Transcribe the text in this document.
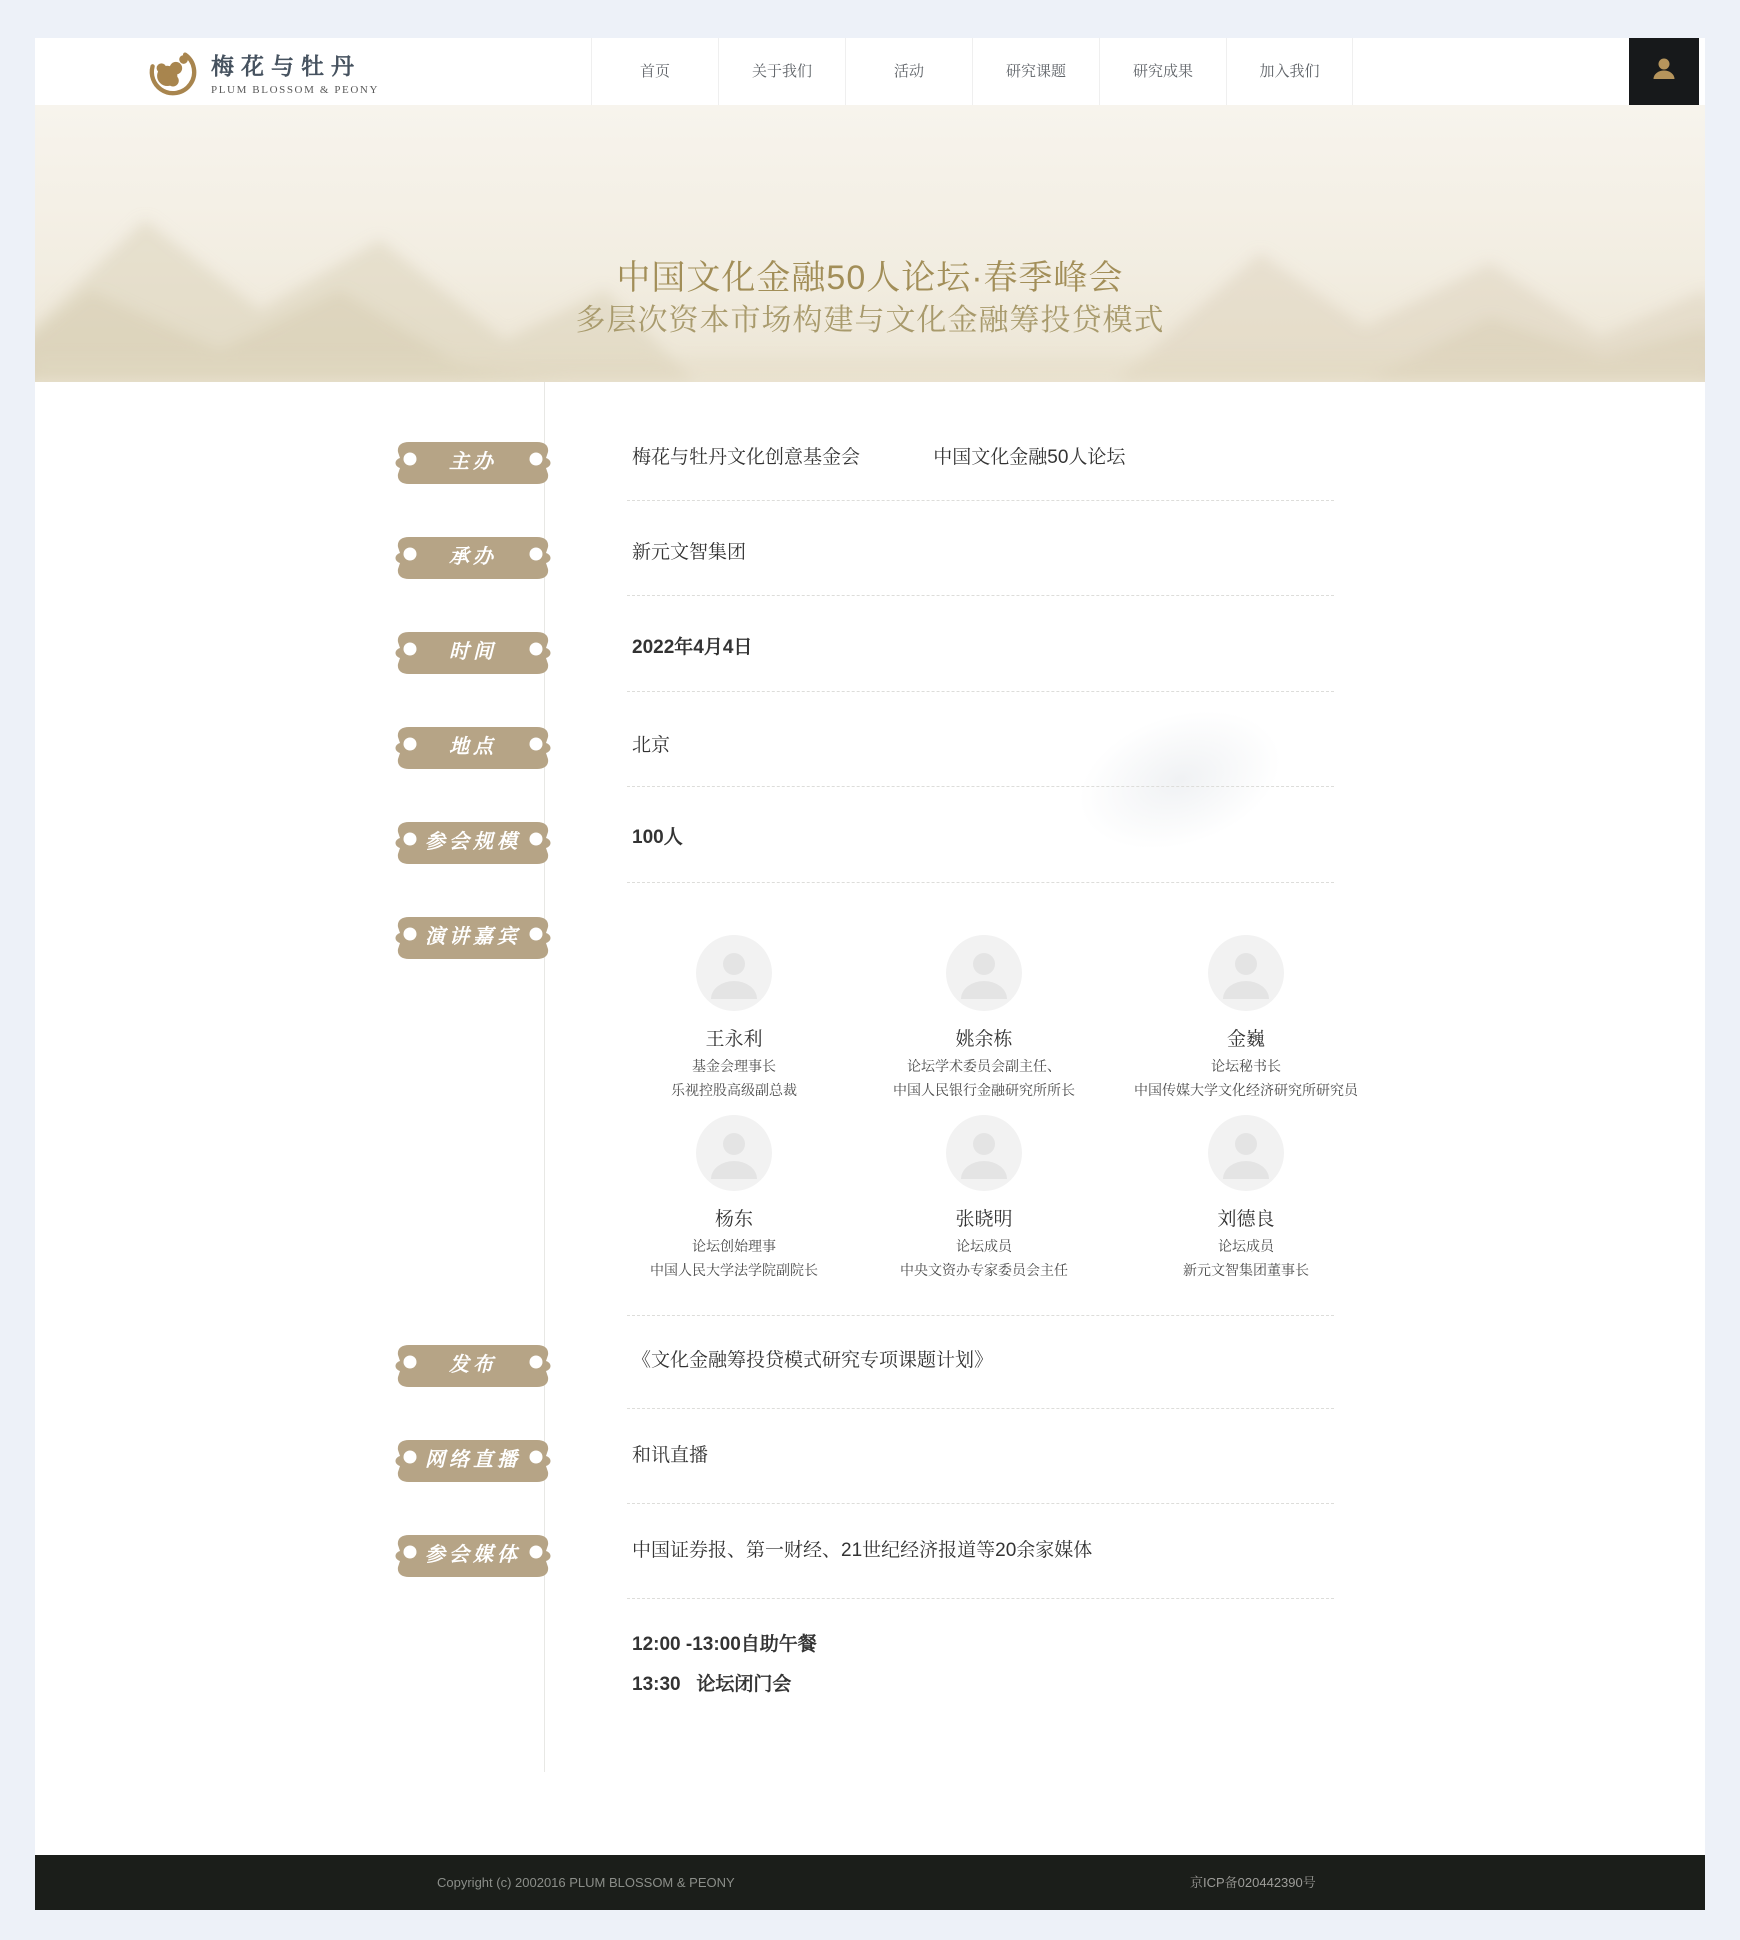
梅花与牡丹
PLUM BLOSSOM & PEONY
首页	关于我们	活动	研究课题	研究成果	加入我们
中国文化金融50人论坛·春季峰会
多层次资本市场构建与文化金融筹投贷模式
主办	梅花与牡丹文化创意基金会	中国文化金融50人论坛
承办	新元文智集团
时间	2022年4月4日
地点	北京
参会规模	100人
演讲嘉宾
王永利
基金会理事长
乐视控股高级副总裁
姚余栋
论坛学术委员会副主任、
中国人民银行金融研究所所长
金巍
论坛秘书长
中国传媒大学文化经济研究所研究员
杨东
论坛创始理事
中国人民大学法学院副院长
张晓明
论坛成员
中央文资办专家委员会主任
刘德良
论坛成员
新元文智集团董事长
发布	《文化金融筹投贷模式研究专项课题计划》
网络直播	和讯直播
参会媒体	中国证券报、第一财经、21世纪经济报道等20余家媒体
12:00 -13:00自助午餐
13:30   论坛闭门会
Copyright (c) 2002016 PLUM BLOSSOM & PEONY	京ICP备020442390号
